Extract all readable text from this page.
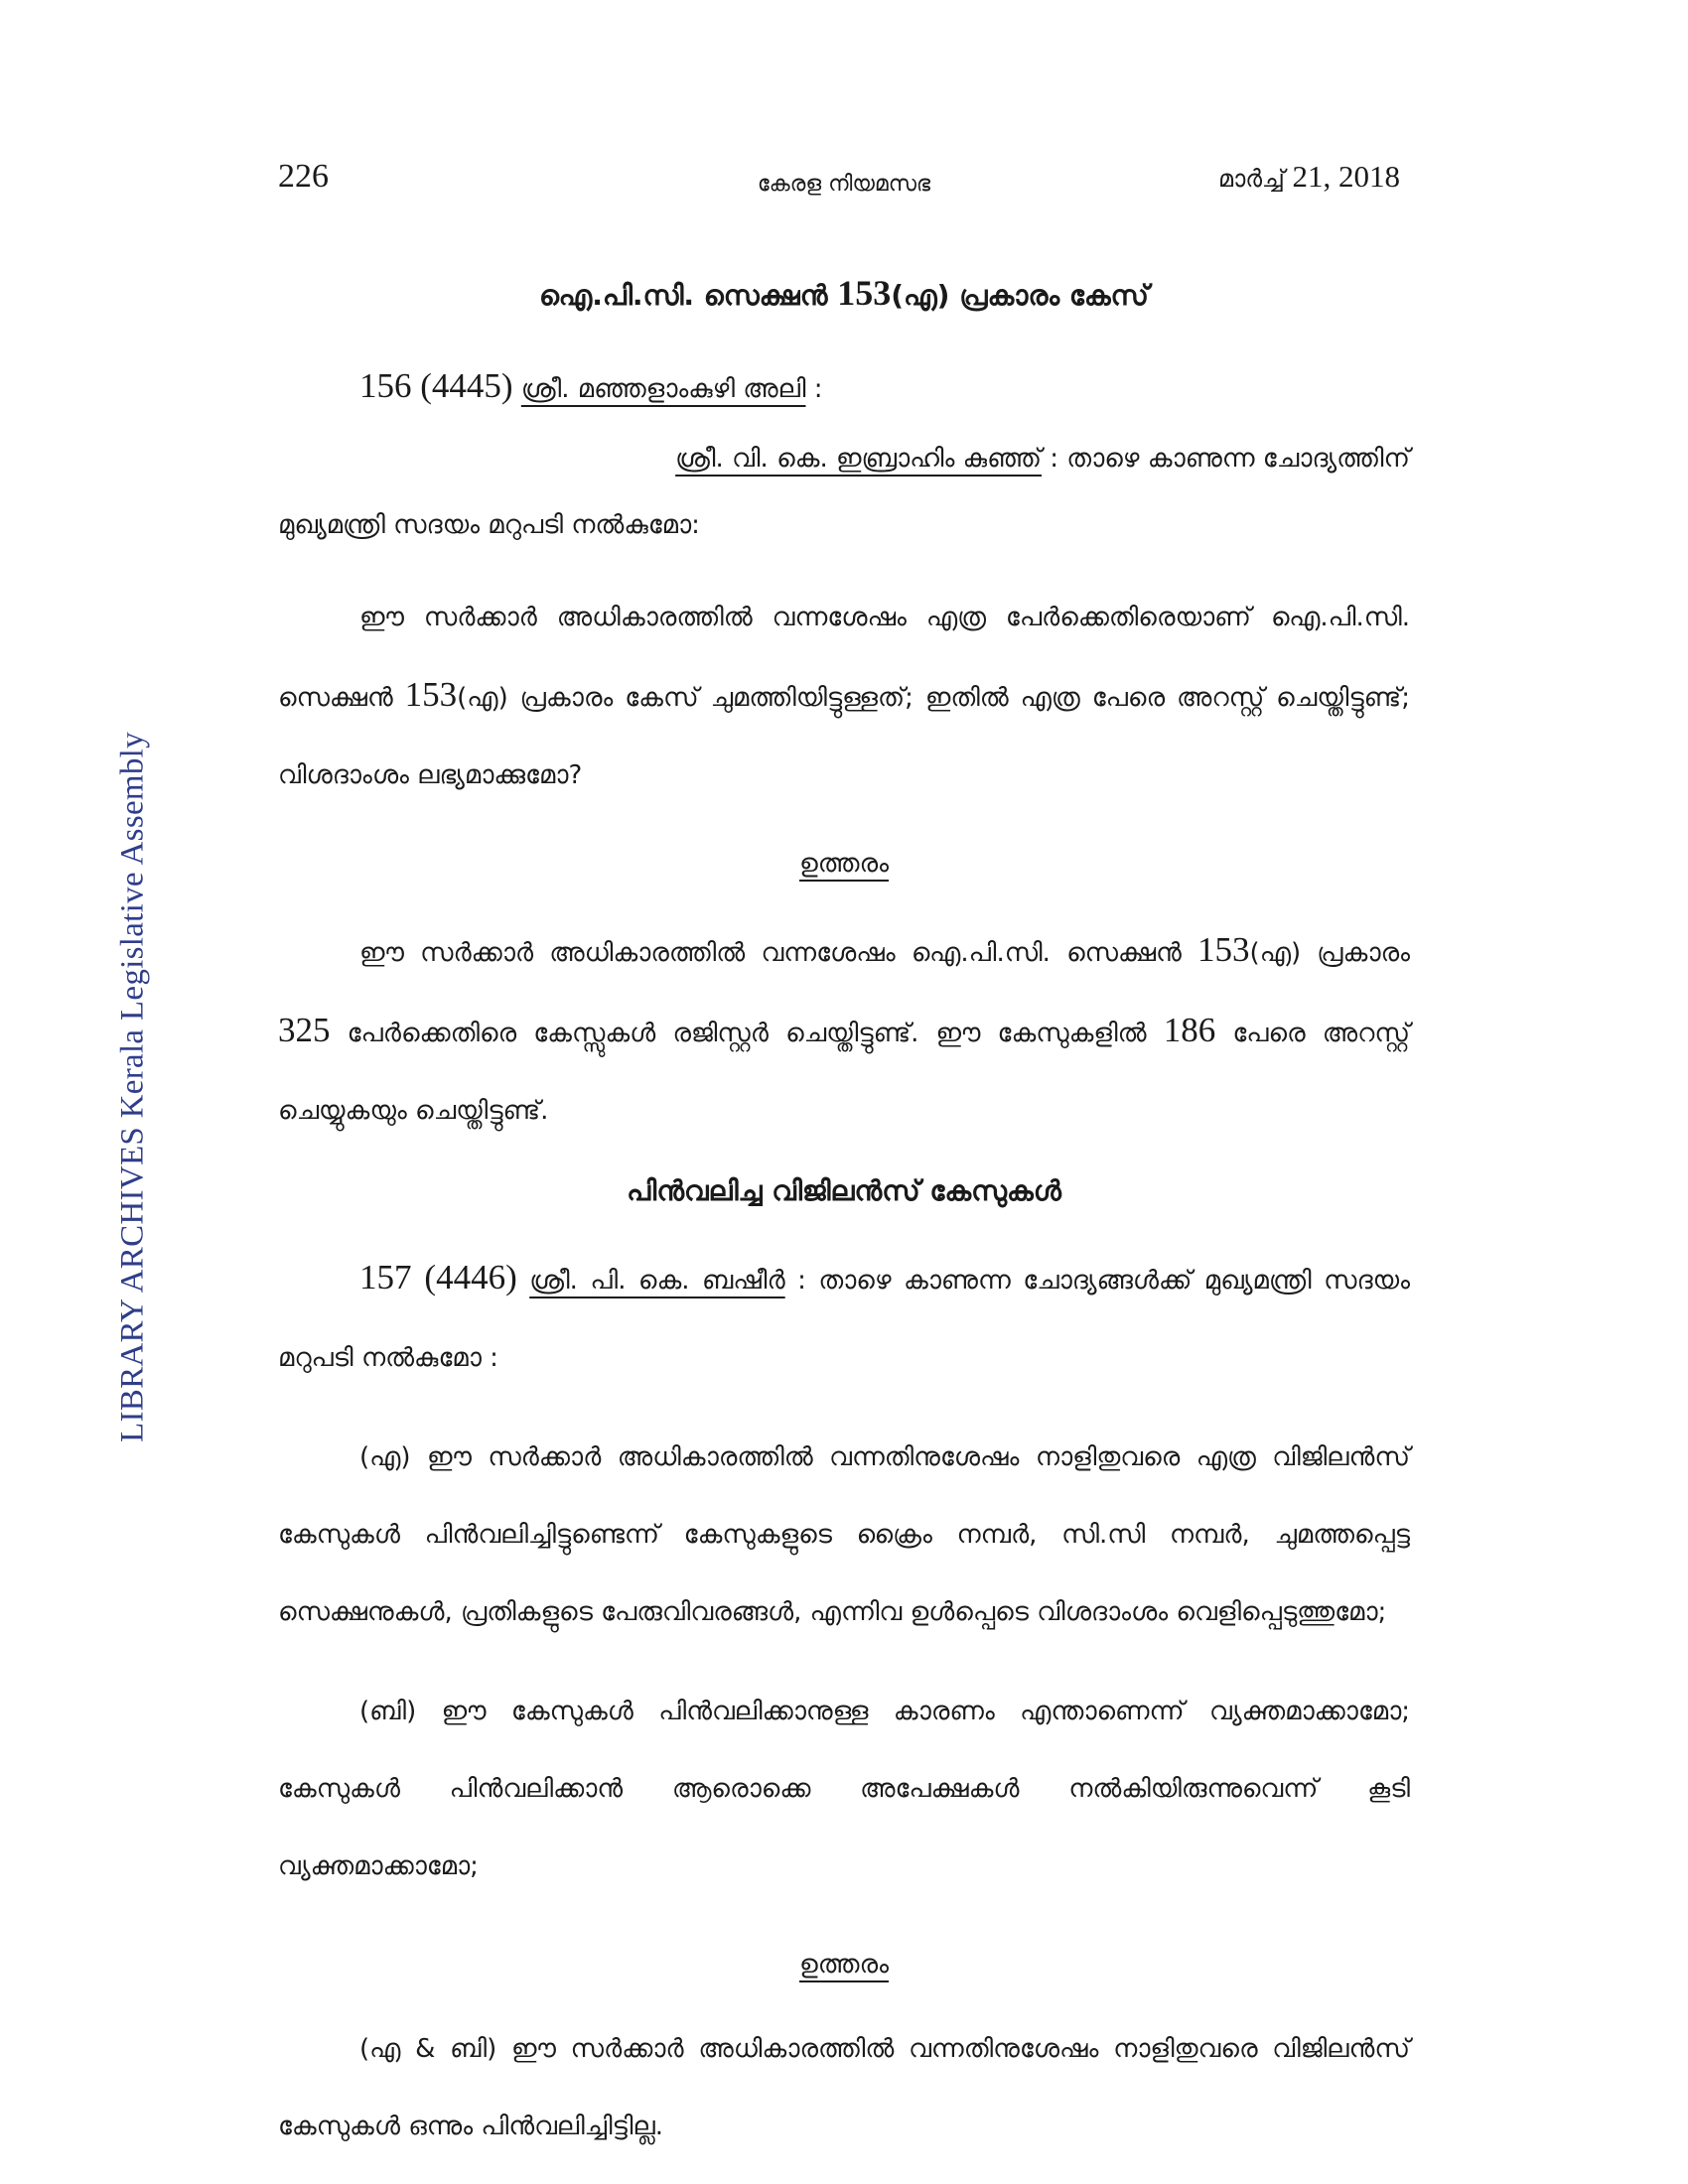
226	കേരള നിയമസഭ	മാർച്ച് 21, 2018
LIBRARY ARCHIVES Kerala Legislative Assembly

ഐ.പി.സി. സെക്ഷൻ 153(എ) പ്രകാരം കേസ്

156 (4445) ശ്രീ. മഞ്ഞളാംകുഴി അലി :

ശ്രീ. വി. കെ. ഇബ്രാഹിം കുഞ്ഞ് : താഴെ കാണുന്ന ചോദ്യത്തിന്

മുഖ്യമന്ത്രി സദയം മറുപടി നൽകുമോ:

ഈ സർക്കാർ അധികാരത്തിൽ വന്നശേഷം എത്ര പേർക്കെതിരെയാണ് ഐ.പി.സി. സെക്ഷൻ 153(എ) പ്രകാരം കേസ് ചുമത്തിയിട്ടുള്ളത്; ഇതിൽ എത്ര പേരെ അറസ്റ്റ് ചെയ്തിട്ടുണ്ട്; വിശദാംശം ലഭ്യമാക്കുമോ?

ഉത്തരം

ഈ സർക്കാർ അധികാരത്തിൽ വന്നശേഷം ഐ.പി.സി. സെക്ഷൻ 153(എ) പ്രകാരം 325 പേർക്കെതിരെ കേസ്സുകൾ രജിസ്റ്റർ ചെയ്തിട്ടുണ്ട്. ഈ കേസുകളിൽ 186 പേരെ അറസ്റ്റ് ചെയ്യുകയും ചെയ്തിട്ടുണ്ട്.

പിൻവലിച്ച വിജിലൻസ് കേസുകൾ

157 (4446) ശ്രീ. പി. കെ. ബഷീർ : താഴെ കാണുന്ന ചോദ്യങ്ങൾക്ക് മുഖ്യമന്ത്രി സദയം മറുപടി നൽകുമോ :

(എ) ഈ സർക്കാർ അധികാരത്തിൽ വന്നതിനുശേഷം നാളിതുവരെ എത്ര വിജിലൻസ് കേസുകൾ പിൻവലിച്ചിട്ടുണ്ടെന്ന് കേസുകളുടെ ക്രൈം നമ്പർ, സി.സി നമ്പർ, ചുമത്തപ്പെട്ട സെക്ഷനുകൾ, പ്രതികളുടെ പേരുവിവരങ്ങൾ, എന്നിവ ഉൾപ്പെടെ വിശദാംശം വെളിപ്പെടുത്തുമോ;

(ബി) ഈ കേസുകൾ പിൻവലിക്കാനുള്ള കാരണം എന്താണെന്ന് വ്യക്തമാക്കാമോ; കേസുകൾ പിൻവലിക്കാൻ ആരൊക്കെ അപേക്ഷകൾ നൽകിയിരുന്നുവെന്ന് കൂടി വ്യക്തമാക്കാമോ;

ഉത്തരം

(എ & ബി) ഈ സർക്കാർ അധികാരത്തിൽ വന്നതിനുശേഷം നാളിതുവരെ വിജിലൻസ് കേസുകൾ ഒന്നും പിൻവലിച്ചിട്ടില്ല.
